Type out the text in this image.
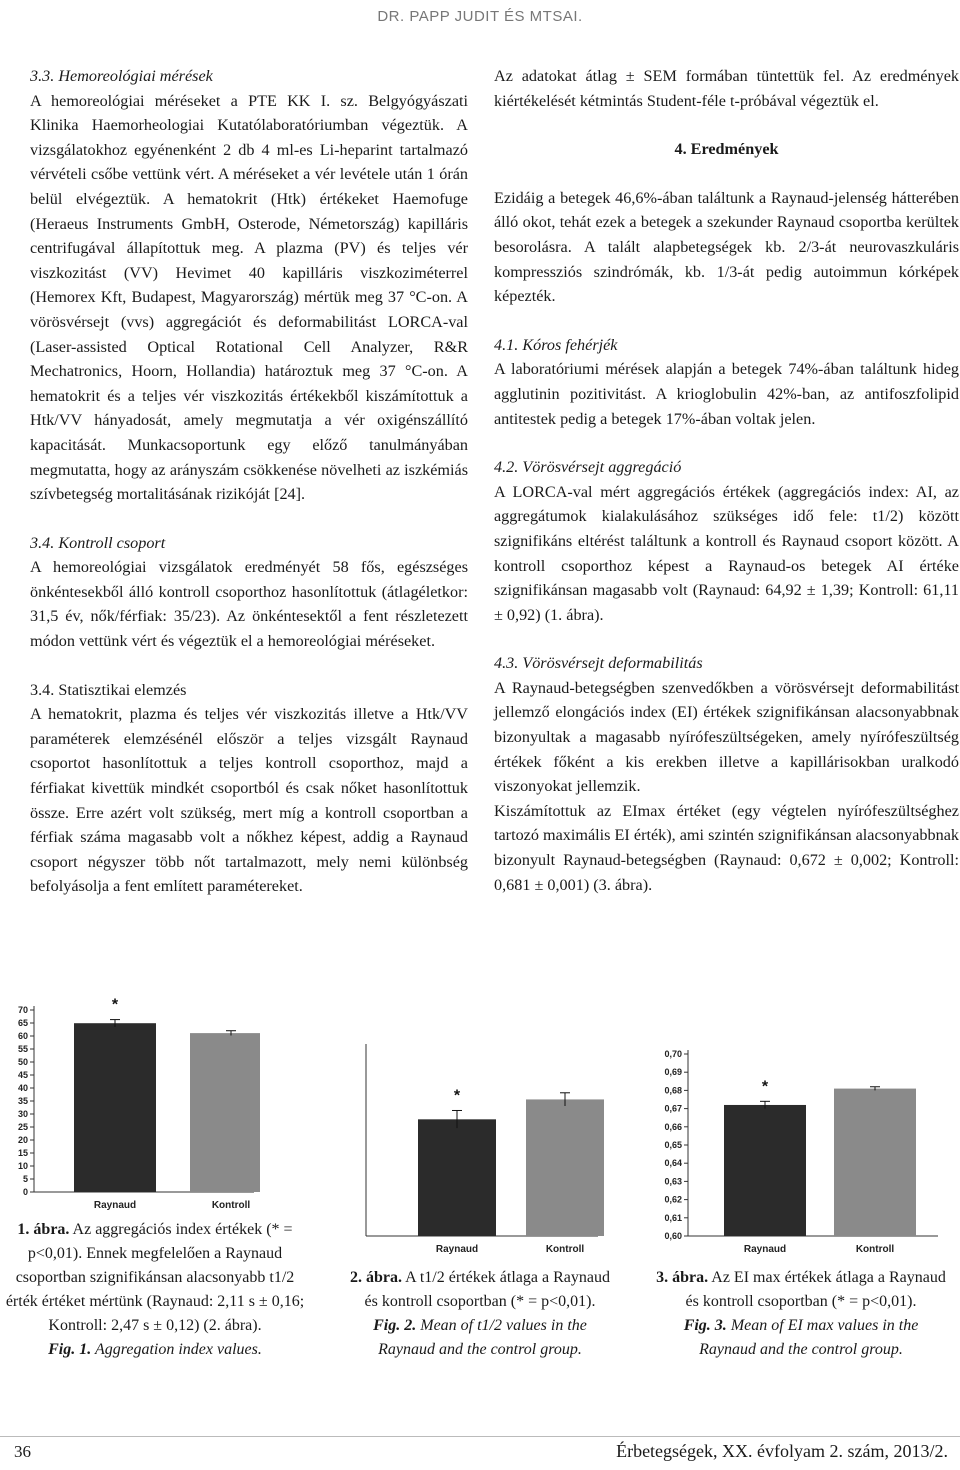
DR. PAPP JUDIT ÉS MTSAI.

3.3. Hemoreológiai mérések

A hemoreológiai méréseket a PTE KK I. sz. Belgyógyászati Klinika Haemorheologiai Kutatólaboratóriumban végeztük. A vizsgálatokhoz egyénenként 2 db 4 ml-es Li-heparint tartalmazó vérvételi csőbe vettünk vért. A méréseket a vér levétele után 1 órán belül elvégeztük. A hematokrit (Htk) értékeket Haemofuge (Heraeus Instruments GmbH, Osterode, Németország) kapilláris centrifugával állapítottuk meg. A plazma (PV) és teljes vér viszkozitást (VV) Hevimet 40 kapilláris viszkoziméterrel (Hemorex Kft, Budapest, Magyarország) mértük meg 37 °C-on. A vörösvérsejt (vvs) aggregációt és deformabilitást LORCA-val (Laser-assisted Optical Rotational Cell Analyzer, R&R Mechatronics, Hoorn, Hollandia) határoztuk meg 37 °C-on. A hematokrit és a teljes vér viszkozitás értékekből kiszámítottuk a Htk/VV hányadosát, amely megmutatja a vér oxigénszállító kapacitását. Munkacsoportunk egy előző tanulmányában megmutatta, hogy az arányszám csökkenése növelheti az iszkémiás szívbetegség mortalitásának rizikóját [24].

3.4. Kontroll csoport

A hemoreológiai vizsgálatok eredményét 58 fős, egészséges önkéntesekből álló kontroll csoporthoz hasonlítottuk (átlagéletkor: 31,5 év, nők/férfiak: 35/23). Az önkéntesektől a fent részletezett módon vettünk vért és végeztük el a hemoreológiai méréseket.

3.4. Statisztikai elemzés

A hematokrit, plazma és teljes vér viszkozitás illetve a Htk/VV paraméterek elemzésénél először a teljes vizsgált Raynaud csoportot hasonlítottuk a teljes kontroll csoporthoz, majd a férfiakat kivettük mindkét csoportból és csak nőket hasonlítottuk össze. Erre azért volt szükség, mert míg a kontroll csoportban a férfiak száma magasabb volt a nőkhez képest, addig a Raynaud csoport négyszer több nőt tartalmazott, mely nemi különbség befolyásolja a fent említett paramétereket.

Az adatokat átlag ± SEM formában tüntettük fel. Az eredmények kiértékelését kétmintás Student-féle t-próbával végeztük el.

4. Eredmények

Ezidáig a betegek 46,6%-ában találtunk a Raynaud-jelenség hátterében álló okot, tehát ezek a betegek a szekunder Raynaud csoportba kerültek besorolásra. A talált alapbetegségek kb. 2/3-át neurovaszkuláris kompressziós szindrómák, kb. 1/3-át pedig autoimmun kórképek képezték.

4.1. Kóros fehérjék

A laboratóriumi mérések alapján a betegek 74%-ában találtunk hideg agglutinin pozitivitást. A krioglobulin 42%-ban, az antifoszfolipid antitestek pedig a betegek 17%-ában voltak jelen.

4.2. Vörösvérsejt aggregáció

A LORCA-val mért aggregációs értékek (aggregációs index: AI, az aggregátumok kialakulásához szükséges idő fele: t1/2) között szignifikáns eltérést találtunk a kontroll és Raynaud csoport között. A kontroll csoporthoz képest a Raynaud-os betegek AI értéke szignifikánsan magasabb volt (Raynaud: 64,92 ± 1,39; Kontroll: 61,11 ± 0,92) (1. ábra).

4.3. Vörösvérsejt deformabilitás

A Raynaud-betegségben szenvedőkben a vörösvérsejt deformabilitást jellemző elongációs index (EI) értékek szignifikánsan alacsonyabbnak bizonyultak a magasabb nyírófeszültségeken, amely nyírófeszültség értékek főként a kis erekben illetve a kapillárisokban uralkodó viszonyokat jellemzik.

Kiszámítottuk az EImax értéket (egy végtelen nyírófeszültséghez tartozó maximális EI érték), ami szintén szignifikánsan alacsonyabbnak bizonyult Raynaud-betegségben (Raynaud: 0,672 ± 0,002; Kontroll: 0,681 ± 0,001) (3. ábra).

0
5
10
15
20
25
30
35
40
45
50
55
60
65
70
Raynaud
*
Kontroll
Raynaud
*
Kontroll
0,60
0,61
0,62
0,63
0,64
0,65
0,66
0,67
0,68
0,69
0,70
Raynaud
*
Kontroll
1. ábra. Az aggregációs index értékek (* = p<0,01). Ennek megfelelően a Raynaud csoportban szignifikánsan alacsonyabb t1/2 érték értéket mértünk (Raynaud: 2,11 s ± 0,16; Kontroll: 2,47 s ± 0,12) (2. ábra).
Fig. 1. Aggregation index values.
2. ábra. A t1/2 értékek átlaga a Raynaud és kontroll csoportban (* = p<0,01).
Fig. 2. Mean of t1/2 values in the Raynaud and the control group.
3. ábra. Az EI max értékek átlaga a Raynaud és kontroll csoportban (* = p<0,01).
Fig. 3. Mean of EI max values in the Raynaud and the control group.
36	Érbetegségek, XX. évfolyam 2. szám, 2013/2.
